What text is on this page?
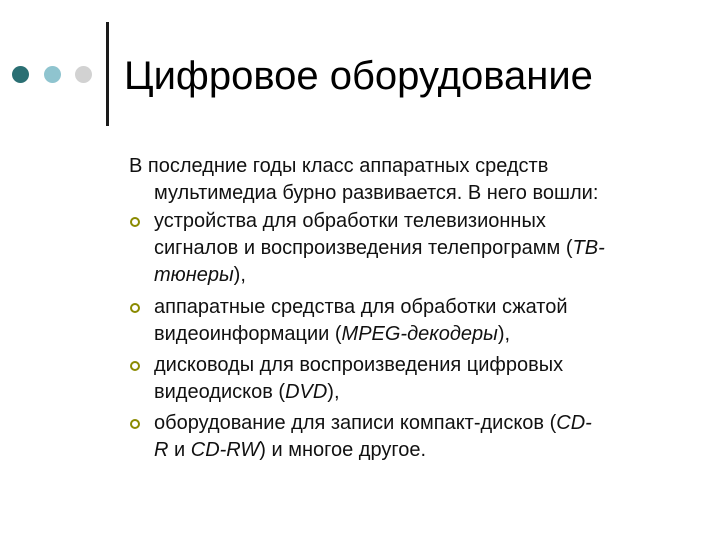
Цифровое оборудование

В последние годы класс аппаратных средств
мультимедиа бурно развивается. В него вошли:

устройства для обработки телевизионных
сигналов и воспроизведения телепрограмм (ТВ-
тюнеры),
аппаратные средства для обработки сжатой
видеоинформации (MPEG-декодеры),
дисководы для воспроизведения цифровых
видеодисков (DVD),
оборудование для записи компакт-дисков (CD-
R и CD-RW) и многое другое.
